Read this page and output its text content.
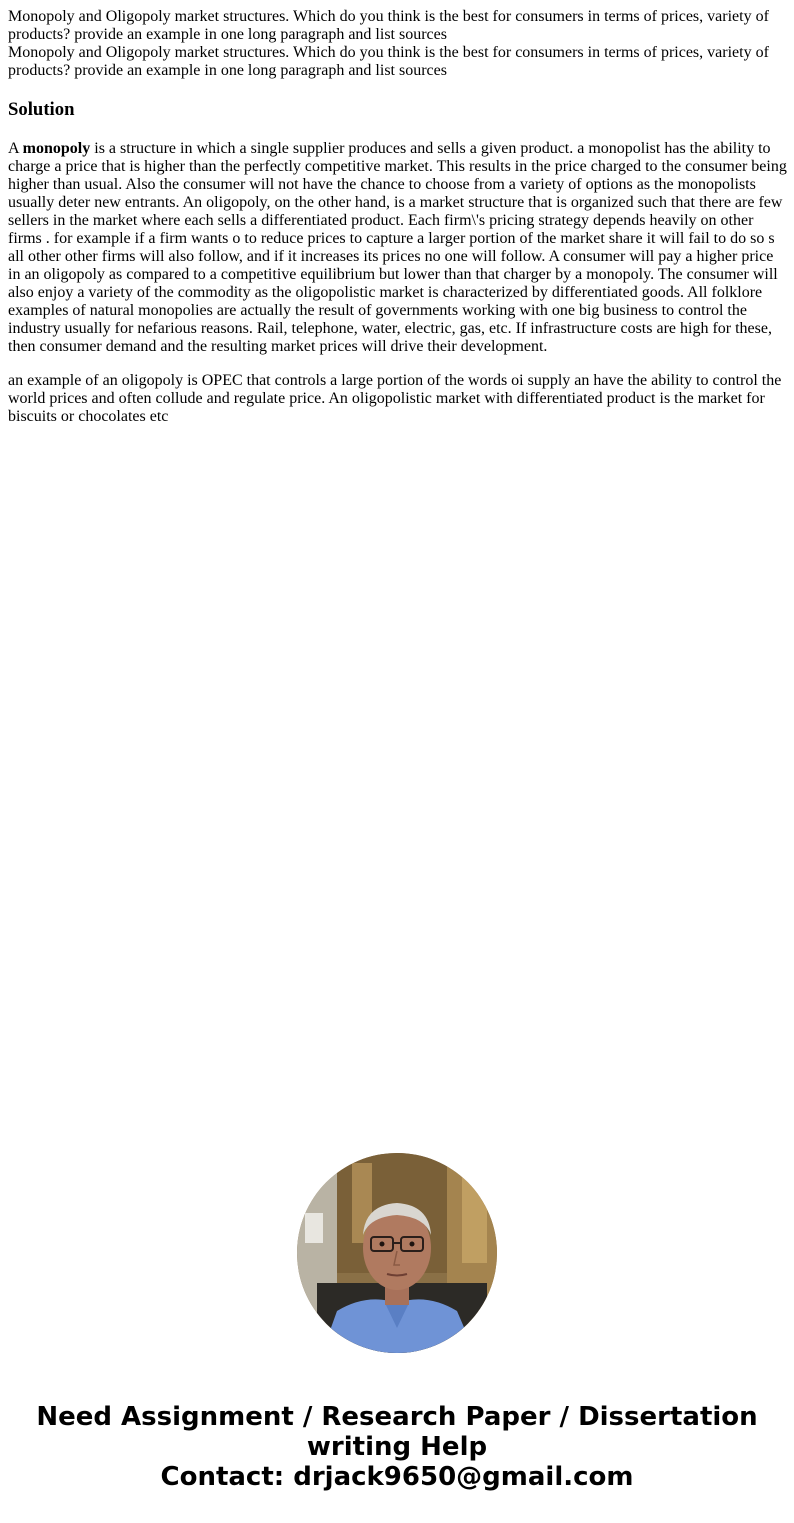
Monopoly and Oligopoly market structures. Which do you think is the best for consumers in terms of prices, variety of products? provide an example in one long paragraph and list sources

Monopoly and Oligopoly market structures. Which do you think is the best for consumers in terms of prices, variety of products? provide an example in one long paragraph and list sources

Solution

A monopoly is a structure in which a single supplier produces and sells a given product. a monopolist has the ability to charge a price that is higher than the perfectly competitive market. This results in the price charged to the consumer being higher than usual. Also the consumer will not have the chance to choose from a variety of options as the monopolists usually deter new entrants. An oligopoly, on the other hand, is a market structure that is organized such that there are few sellers in the market where each sells a differentiated product. Each firm\'s pricing strategy depends heavily on other firms . for example if a firm wants o to reduce prices to capture a larger portion of the market share it will fail to do so s all other other firms will also follow, and if it increases its prices no one will follow. A consumer will pay a higher price in an oligopoly as compared to a competitive equilibrium but lower than that charger by a monopoly. The consumer will also enjoy a variety of the commodity as the oligopolistic market is characterized by differentiated goods. All folklore examples of natural monopolies are actually the result of governments working with one big business to control the industry usually for nefarious reasons. Rail, telephone, water, electric, gas, etc. If infrastructure costs are high for these, then consumer demand and the resulting market prices will drive their development.

an example of an oligopoly is OPEC that controls a large portion of the words oi supply an have the ability to control the world prices and often collude and regulate price. An oligopolistic market with differentiated product is the market for biscuits or chocolates etc

Need Assignment / Research Paper / Dissertation
writing Help
Contact: drjack9650@gmail.com
